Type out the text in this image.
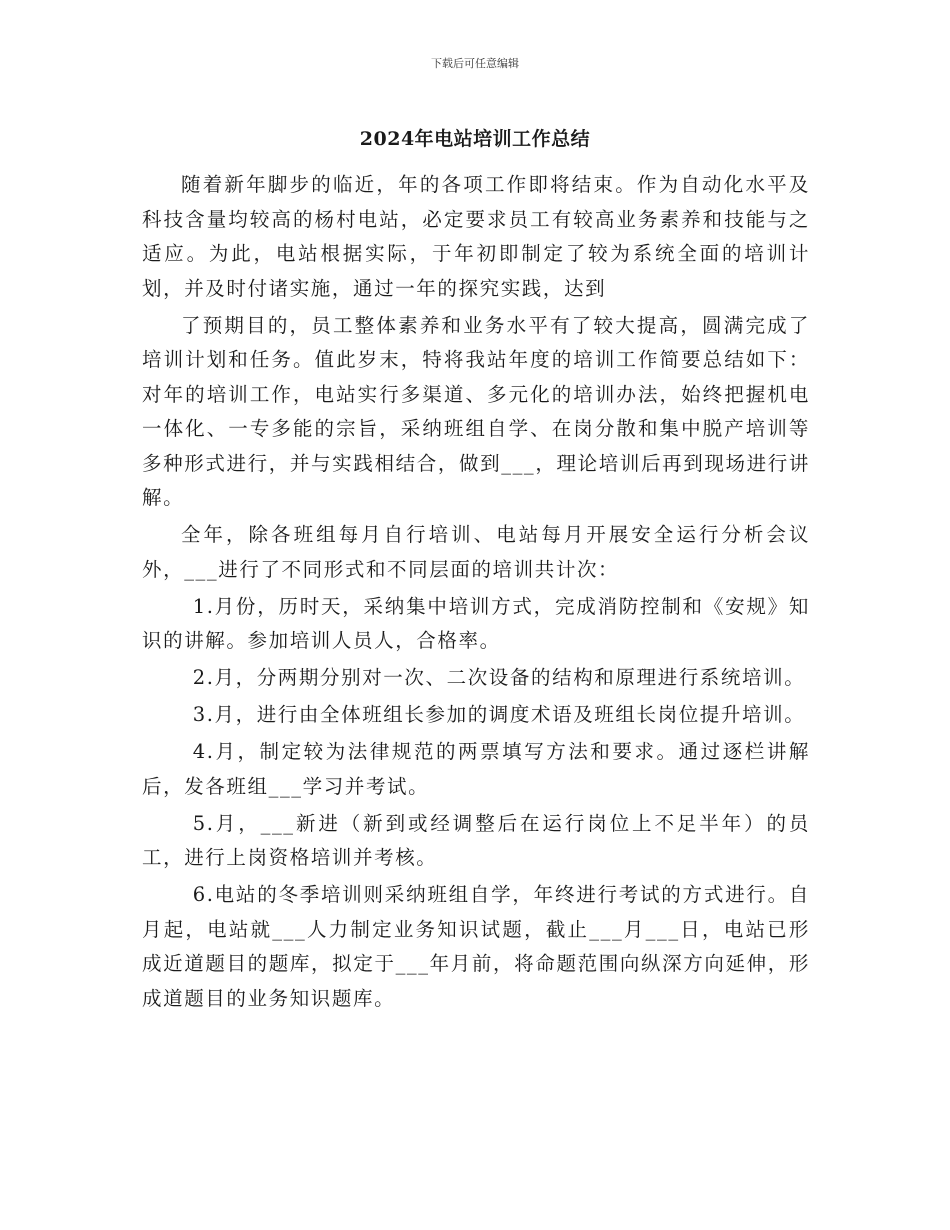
下载后可任意编辑
2024年电站培训工作总结

随着新年脚步的临近，年的各项工作即将结束。作为自动化水平及科技含量均较高的杨村电站，必定要求员工有较高业务素养和技能与之适应。为此，电站根据实际，于年初即制定了较为系统全面的培训计划，并及时付诸实施，通过一年的探究实践，达到

了预期目的，员工整体素养和业务水平有了较大提高，圆满完成了培训计划和任务。值此岁末，特将我站年度的培训工作简要总结如下：对年的培训工作，电站实行多渠道、多元化的培训办法，始终把握机电一体化、一专多能的宗旨，采纳班组自学、在岗分散和集中脱产培训等多种形式进行，并与实践相结合，做到___，理论培训后再到现场进行讲解。

全年，除各班组每月自行培训、电站每月开展安全运行分析会议外，___进行了不同形式和不同层面的培训共计次：

1.月份，历时天，采纳集中培训方式，完成消防控制和《安规》知识的讲解。参加培训人员人，合格率。

2.月，分两期分别对一次、二次设备的结构和原理进行系统培训。

3.月，进行由全体班组长参加的调度术语及班组长岗位提升培训。

4.月，制定较为法律规范的两票填写方法和要求。通过逐栏讲解后，发各班组___学习并考试。

5.月，___新进（新到或经调整后在运行岗位上不足半年）的员工，进行上岗资格培训并考核。

6.电站的冬季培训则采纳班组自学，年终进行考试的方式进行。自月起，电站就___人力制定业务知识试题，截止___月___日，电站已形成近道题目的题库，拟定于___年月前，将命题范围向纵深方向延伸，形成道题目的业务知识题库。
